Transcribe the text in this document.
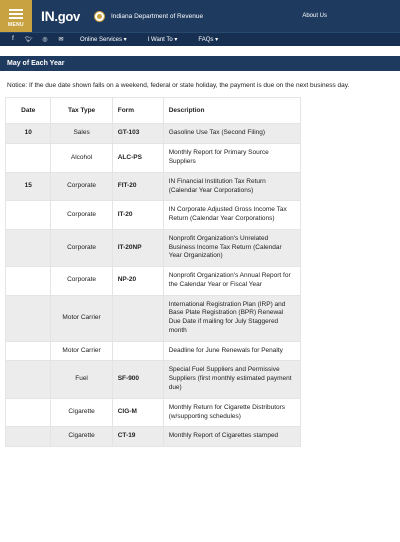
MENU
IN.gov	Indiana Department of Revenue	About Us
f	🐦︎	◎	✉	Online Services ▾	I Want To ▾	FAQs ▾
May of Each Year
Notice: If the due date shown falls on a weekend, federal or state holiday, the payment is due on the next business day.
Date	Tax Type	Form	Description
10	Sales	GT-103	Gasoline Use Tax (Second Filing)
	Alcohol	ALC-PS	Monthly Report for Primary Source Suppliers
15	Corporate	FIT-20	IN Financial Institution Tax Return (Calendar Year Corporations)
	Corporate	IT-20	IN Corporate Adjusted Gross Income Tax Return (Calendar Year Corporations)
	Corporate	IT-20NP	Nonprofit Organization's Unrelated Business Income Tax Return (Calendar Year Organization)
	Corporate	NP-20	Nonprofit Organization's Annual Report for the Calendar Year or Fiscal Year
	Motor Carrier		International Registration Plan (IRP) and Base Plate Registration (BPR) Renewal Due Date if mailing for July Staggered month
	Motor Carrier		Deadline for June Renewals for Penalty
	Fuel	SF-900	Special Fuel Suppliers and Permissive Suppliers (first monthly estimated payment due)
	Cigarette	CIG-M	Monthly Return for Cigarette Distributors (w/supporting schedules)
	Cigarette	CT-19	Monthly Report of Cigarettes stamped
